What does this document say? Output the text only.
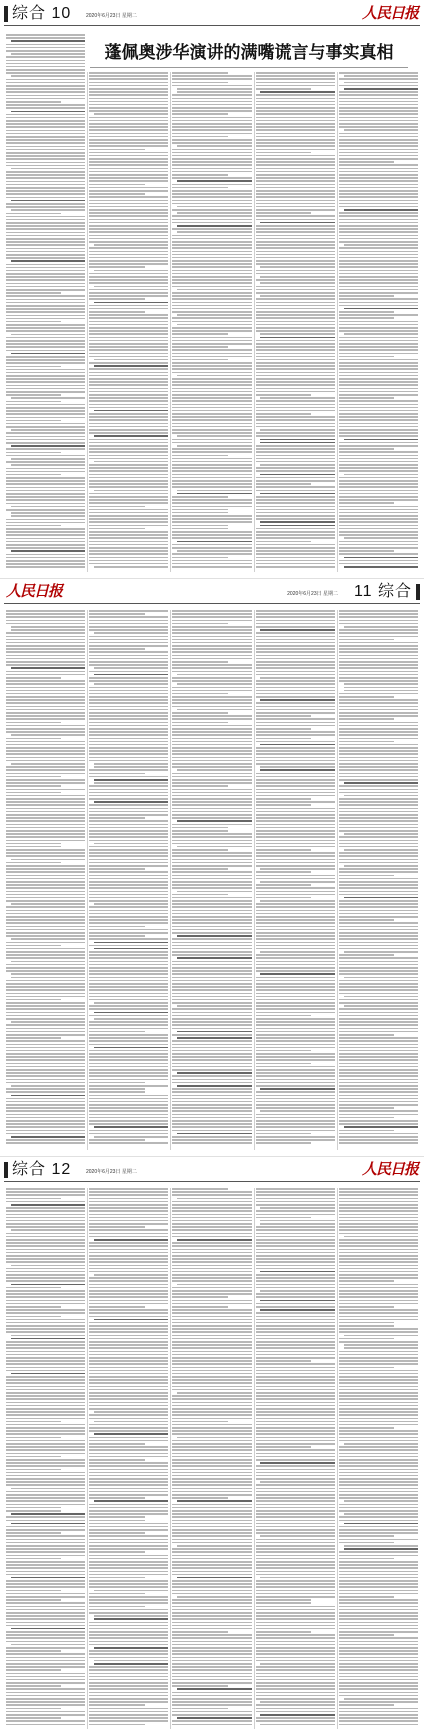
综合 10	2020年6月23日 星期二	人民日报
蓬佩奥涉华演讲的满嘴谎言与事实真相
人民日报	2020年6月23日 星期二 11 综合
综合 12	2020年6月23日 星期二	人民日报
